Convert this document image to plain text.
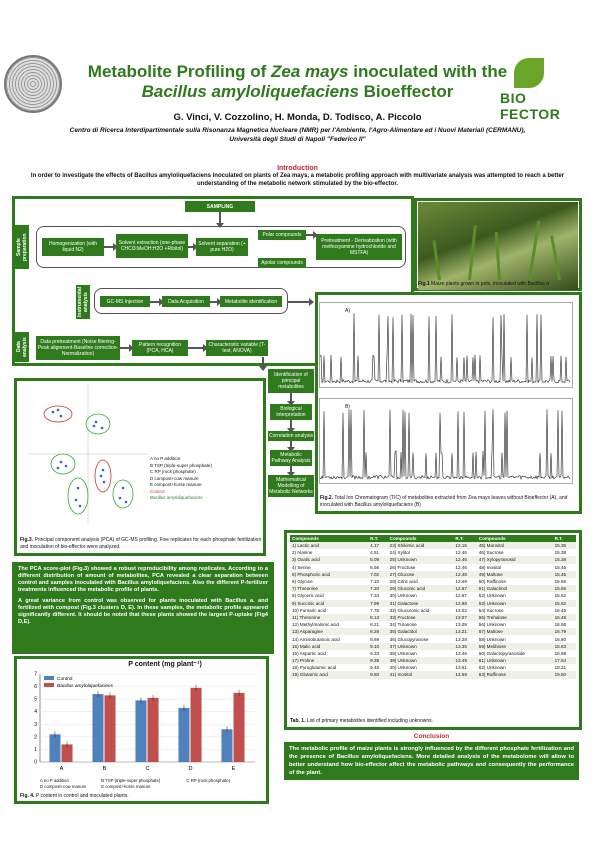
BIO FECTOR
Metabolite Profiling of Zea mays inoculated with the
Bacillus amyloliquefaciens Bioeffector
G. Vinci, V. Cozzolino, H. Monda, D. Todisco, A. Piccolo
Centro di Ricerca Interdipartimentale sulla Risonanza Magnetica Nucleare (NMR) per l'Ambiente, l'Agro-Alimentare ed i Nuovi Materiali (CERMANU),
Università degli Studi di Napoli "Federico II"
Introduction
In order to investigate the effects of Bacillus amyloliquefaciens inoculated on plants of Zea mays, a metabolic profiling approach with multivariate analysis was attempted to reach a better understanding of the metabolic network stimulated by the bio-effector.
SAMPLING
Sample preparation	Homogenization (with liquid N2)
Solvent extraction (one-phase CHCl3:MeOH:H2O +Ribitol)
Solvent separation (+ pure H2O)
Polar compounds
Apolar compounds
Pretreatment - Derivatization (with methoxyamine hydrochloride and MSTFA)
Instrumental analysis	GC-MS Injection	Data Acquisition	Metabolite identification
Data analysis	Data pretreatment (Noise filtering-Peak alignment-Baseline correction-Normalization)
Pattern recognition (PCA, HCA)
Characteristic variable (T-test, ANOVA)
Identification of principal metabolites
Biological interpretation
Correlation analysis
Metabolic Pathway Analysis
Mathematical Modelling of Metabolic Networks
Fig.1 Maize plants grown in pots, inoculated with Bacillus a
A)
B)
Fig.2. Total Ion Chromatogram (TIC) of metabolites extracted from Zea mays leaves without Bioeffector (A), and inoculated with Bacillus amyloliquefaciens (B)
A no P addition
B TSP (triple-super phosphate)
C RP (rock phosphate)
D compost+cow manure
E compost+horse manure
Control
Bacillus amyloliquefaciens
Fig.3. Principal component analysis (PCA) of GC-MS profiling. Five replicates for each phosphate fertilization and inoculation of bio-effector were analyzed.

The PCA score-plot (Fig.3) showed a robust reproducibility among replicates. According to a different distribution of amount of metabolites, PCA revealed a clear separation between control and samples inoculated with Bacillus amyloliquefaciens. Also the different P-fertilizer treatments influenced the metabolic profile of plants.

A great variance from control was observed for plants inoculated with Bacillus a. and fertilized with compost (Fig.3 clusters D, E). In these samples, the metabolic profile appeared significantly different. It should be noted that these plants showed the largest P-uptake (Fig4 D,E).

P content (mg plant⁻¹)
0
1
2
3
4
5
6
7
A	B	C	D	E
Control
Bacillus amyloliquefaciens
A no P addition	B TSP (triple-super phosphate)	C RP (rock phosphate)
D compost+cow manure	E compost+horse manure
Fig. 4. P content in control and inoculated plants.
Compounds	R.T.	Compounds	R.T.	Compounds	R.T.
1) Lactic acid	4.17	23) Shikimic acid	12.15	45) Mannitol	15.35
2) Alanine	4.51	24) Xylitol	12.46	46) Sucrose	15.38
3) Oxalic acid	5.09	25) Unknown	12.46	47) Xylopyranosid	15.38
4) Serine	6.56	26) Fructose	12.46	48) Inositol	15.45
5) Phosphoric acid	7.02	27) Glucose	12.48	49) Maltose	15.45
6) Glycine	7.10	28) Citric acid	12.49	50) Raffinose	15.55
7) Threonine	7.20	29) Gluconic acid	12.67	51) Galactinol	15.55
8) Glyceric acid	7.34	30) Unknown	12.67	52) Unknown	15.62
9) Succinic acid	7.99	31) Galactose	12.98	53) Unknown	15.62
10) Fumaric acid	7.78	32) Glucuronic acid	13.02	54) Sucrose	16.45
11) Threonine	8.13	33) Fructose	13.07	55) Trehalose	16.48
12) Methylmalonic acid	8.21	34) Turanose	13.09	56) Unknown	16.68
13) Asparagine	8.28	35) Galactitol	13.21	57) Maltose	16.79
14) Aminobutanoic acid	8.69	36) Glucopyranose	13.28	58) Unknown	16.80
15) Malic acid	9.10	37) Unknown	13.35	59) Melibiose	16.83
16) Aspartic acid	9.33	38) Unknown	13.46	60) Galactopyranoside	16.98
17) Proline	9.38	39) Unknown	13.49	61) Unknown	17.54
18) Pyroglutamic acid	9.48	40) Unknown	13.61	62) Unknown	18.21
19) Glutamic acid	9.50	41) Inositol	13.69	63) Raffinose	19.50
Tab. 1. List of primary metabolites identified including unknowns.
Conclusion
The metabolic profile of maize plants is strongly influenced by the different phosphate fertilization and the presence of Bacillus amyloliquefaciens. More detailed analysis of the metabolome will allow to better understand how bio-effector affect the metabolic pathways and consequently the performance of the plant.
